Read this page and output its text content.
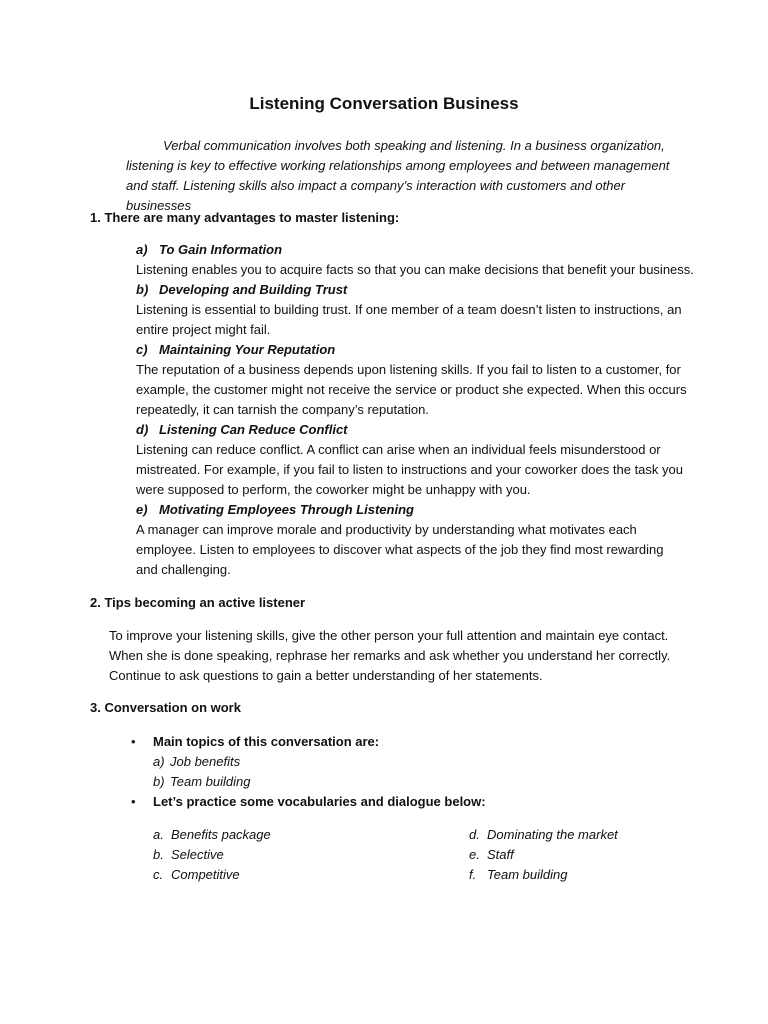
Listening Conversation Business
Verbal communication involves both speaking and listening. In a business organization,
listening is key to effective working relationships among employees and between management
and staff. Listening skills also impact a company’s interaction with customers and other businesses
1. There are many advantages to master listening:
a) To Gain Information

Listening enables you to acquire facts so that you can make decisions that benefit your business.

b) Developing and Building Trust

Listening is essential to building trust. If one member of a team doesn’t listen to instructions, an

entire project might fail.

c) Maintaining Your Reputation

The reputation of a business depends upon listening skills. If you fail to listen to a customer, for

example, the customer might not receive the service or product she expected. When this occurs

repeatedly, it can tarnish the company’s reputation.

d) Listening Can Reduce Conflict

Listening can reduce conflict. A conflict can arise when an individual feels misunderstood or

mistreated. For example, if you fail to listen to instructions and your coworker does the task you

were supposed to perform, the coworker might be unhappy with you.

e) Motivating Employees Through Listening

A manager can improve morale and productivity by understanding what motivates each

employee. Listen to employees to discover what aspects of the job they find most rewarding

and challenging.

2. Tips becoming an active listener

To improve your listening skills, give the other person your full attention and maintain eye contact.

When she is done speaking, rephrase her remarks and ask whether you understand her correctly.

Continue to ask questions to gain a better understanding of her statements.

3. Conversation on work
• Main topics of this conversation are:
a) Job benefits
b) Team building
• Let’s practice some vocabularies and dialogue below:
a. Benefits package
b. Selective
c. Competitive
d. Dominating the market
e. Staff
f. Team building
